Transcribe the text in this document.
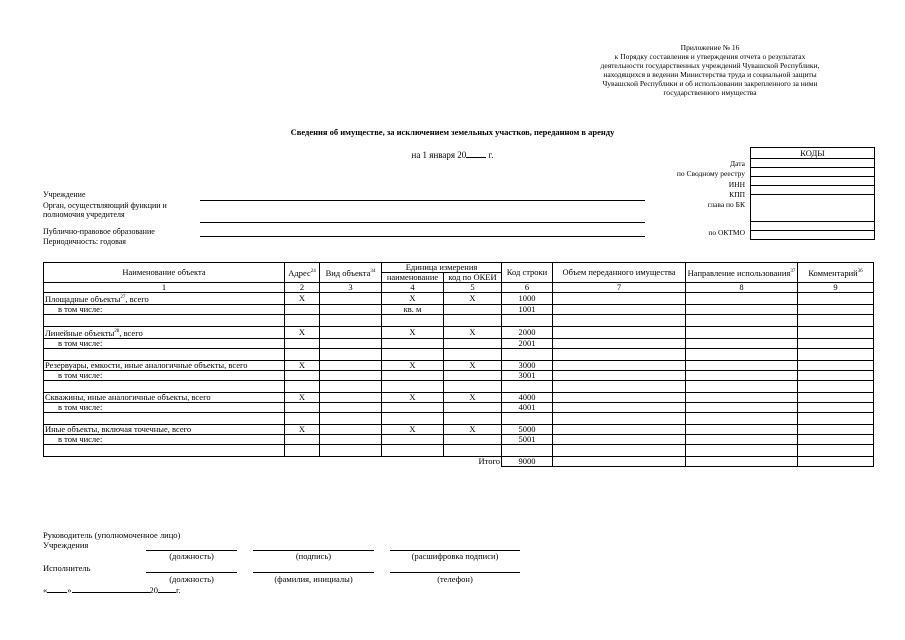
Приложение № 16
к Порядку составления и утверждения отчета о результатах
деятельности государственных учреждений Чувашской Республики,
находящихся в ведении Министерства труда и социальной защиты
Чувашской Республики и об использовании закрепленного за ними
государственного имущества
Сведения об имуществе, за исключением земельных участков, переданном в аренду
на 1 января 20 г.	КОДЫ

Дата
по Сводному реестру
ИНН
КПП
глава по БК
по ОКТМО
Учреждение
Орган, осуществляющий функции и
полномочия учредителя
Публично-правовое образование
Периодичность: годовая
Наименование объекта	Адрес$^{24}$	Вид объекта$^{34}$	Единица измерения		Код строки	Объем переданного имущества	Направление использования$^{37}$	Комментарий$^{36}$
			наименование	код по ОКЕИ				
1	2	3	4	5	6	7	8	9
Площадные объекты$^{27}$, всего	X		X	X	1000			
в том числе:			кв. м		1001			

Линейные объекты$^{28}$, всего	X		X	X	2000			
в том числе:					2001			

Резервуары, емкости, иные аналогичные объекты, всего	X		X	X	3000			
в том числе:					3001			

Скважины, иные аналогичные объекты, всего	X		X	X	4000			
в том числе:					4001			

Иные объекты, включая точечные, всего	X		X	X	5000			
в том числе:					5001			

Итого					9000			
Руководитель (уполномоченное лицо)
Учреждения
(должность)	(подпись)	(расшифровка подписи)
Исполнитель
(должность)	(фамилия, инициалы)	(телефон)
« »	20 г.
